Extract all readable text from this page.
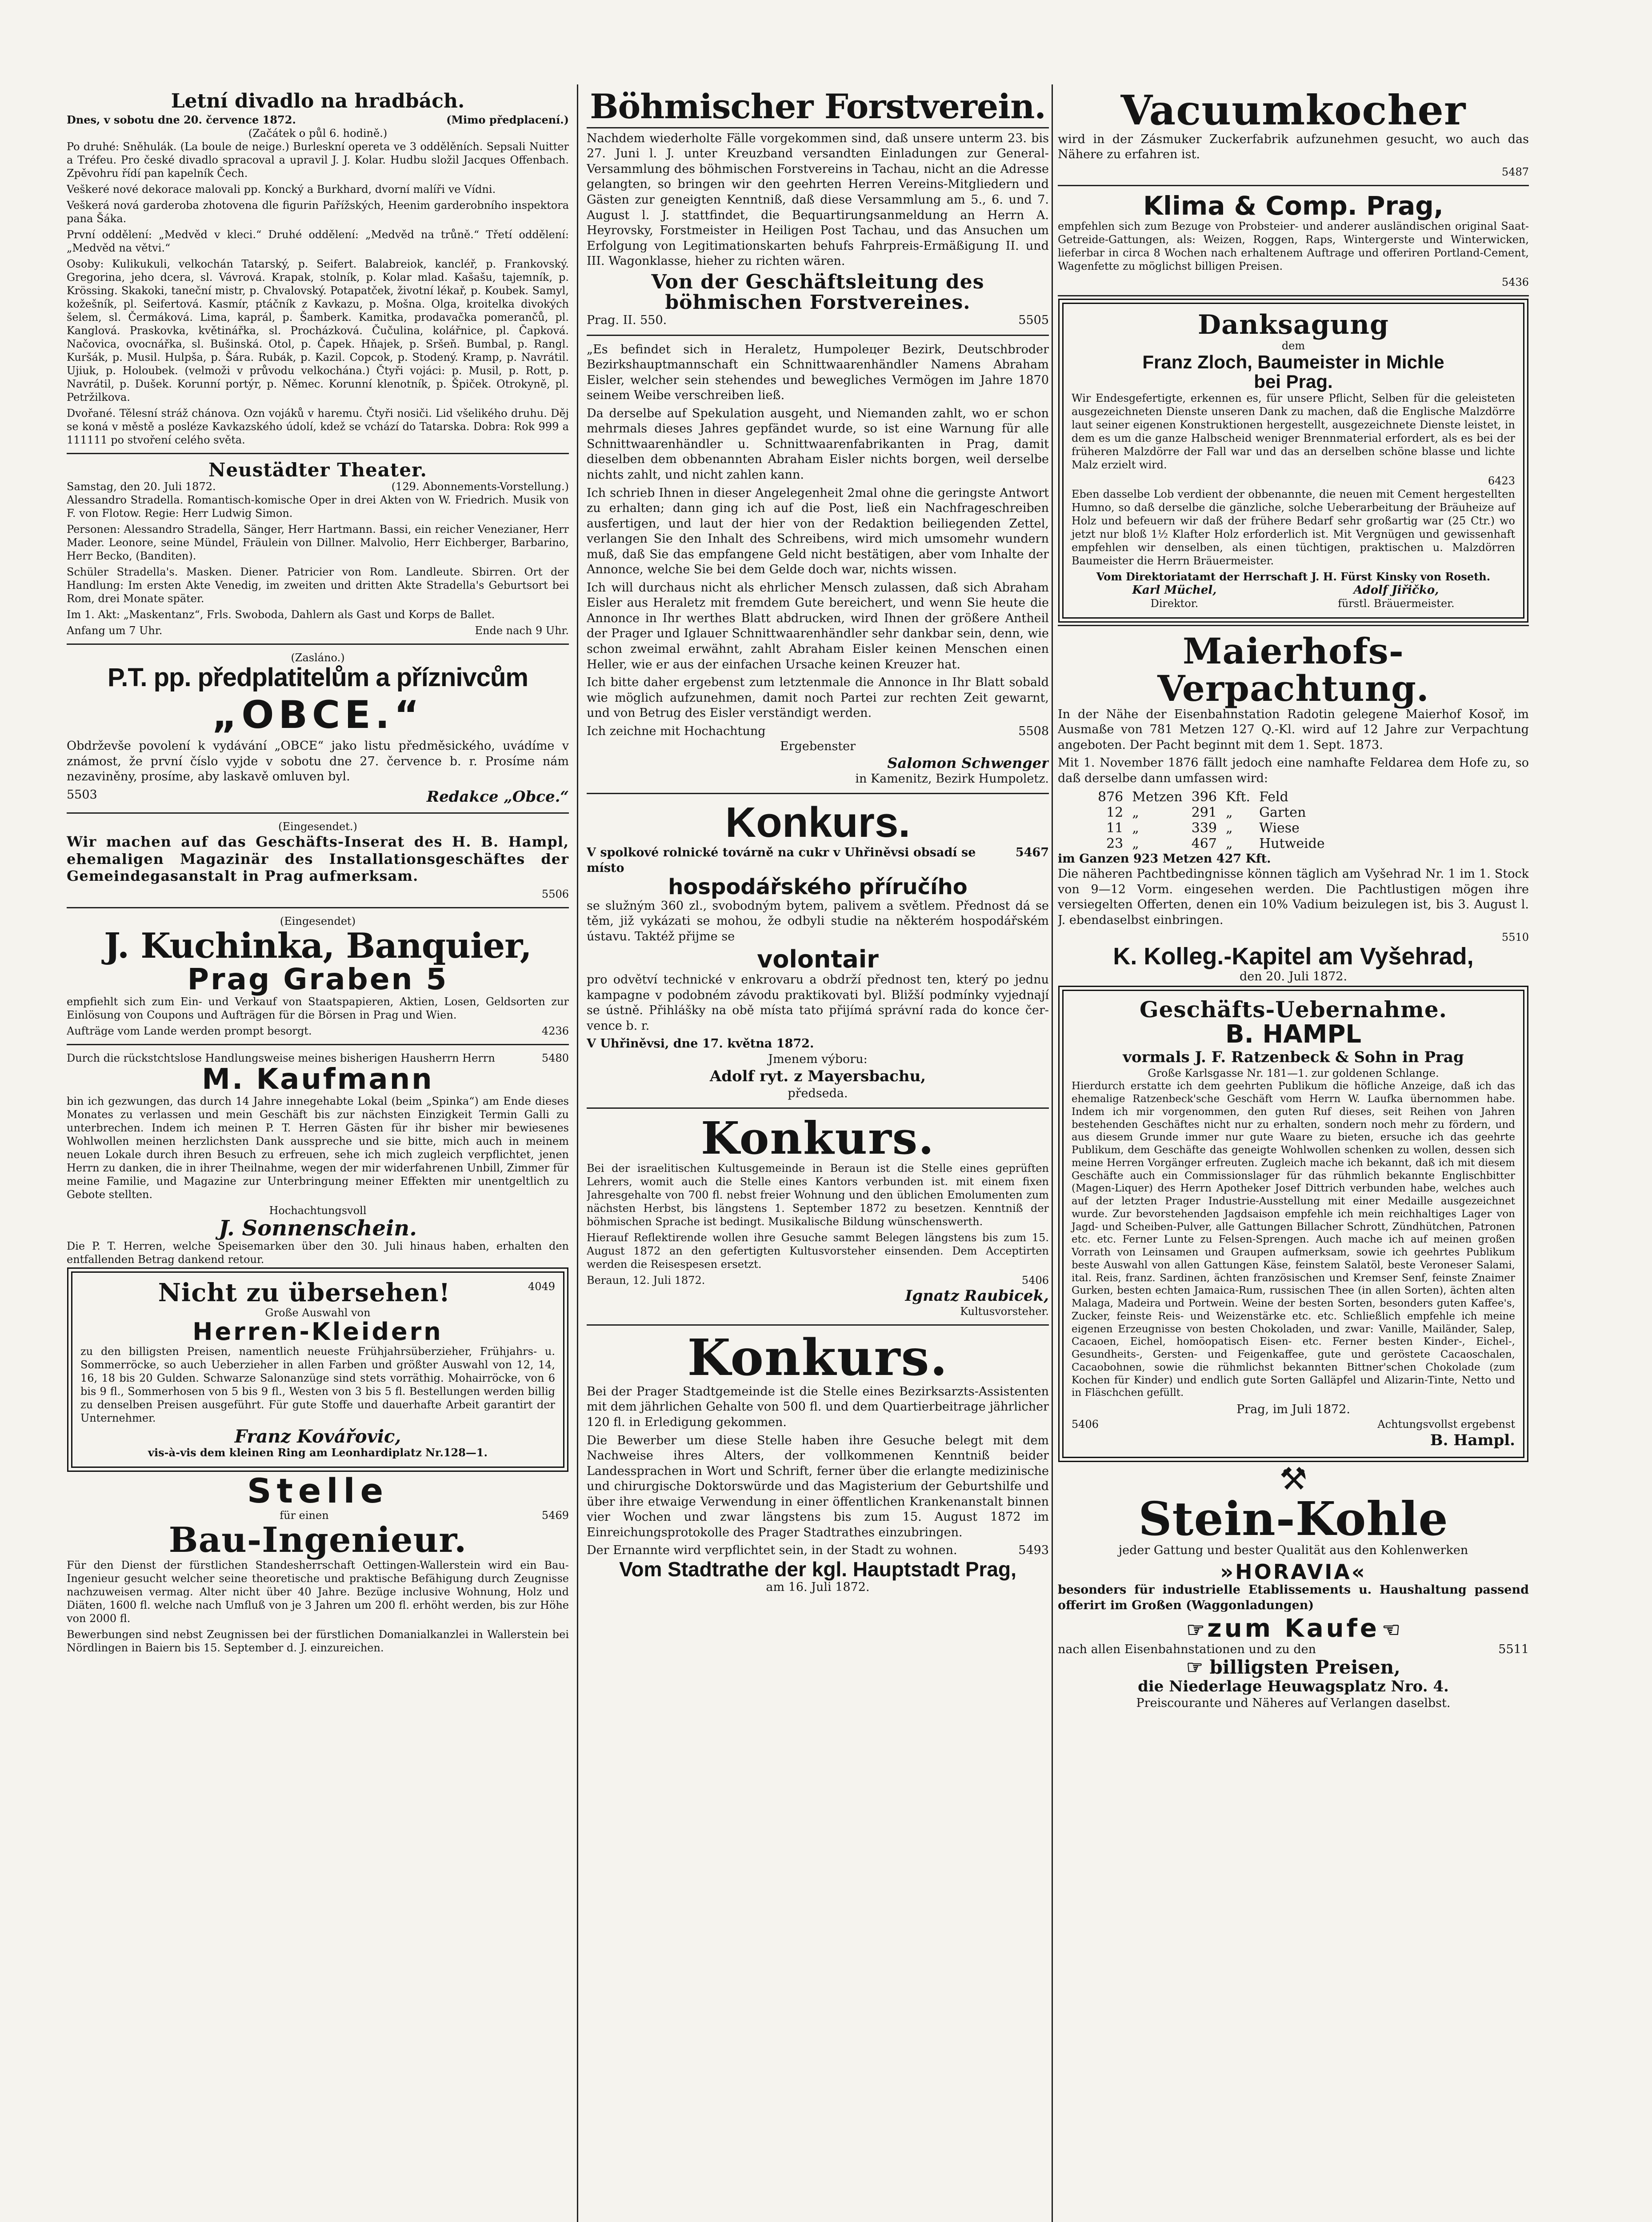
Letní divadlo na hradbách.
Dnes, v sobotu dne 20. července 1872.	(Mimo předplacení.)
(Začátek o půl 6. hodině.)

Po druhé: Sněhulák. (La boule de neige.) Burleskní opereta ve 3 oddělěních. Sepsali Nuitter a Tréfeu. Pro české divadlo spracoval a upravil J. J. Kolar. Hudbu složil Jacques Offenbach. Zpěvohru řídí pan kapelník Čech.

Veškeré nové dekorace malovali pp. Koncký a Burkhard, dvorní malíři ve Vídni.

Veškerá nová garderoba zhotovena dle figurin Pařížských, Heenim garderobního inspektora pana Šáka.

První oddělení: „Medvěd v kleci.“ Druhé oddělení: „Medvěd na trůně.“ Třetí oddělení: „Medvěd na větvi.“

Osoby: Kulikukuli, velkochán Tatarský, p. Seifert. Balabreiok, kancléř, p. Frankovský. Gregorina, jeho dcera, sl. Vávrová. Krapak, stolník, p. Kolar mlad. Kašašu, tajemník, p. Krössing. Skakoki, taneční mistr, p. Chvalovský. Potapatček, životní lékař, p. Koubek. Samyl, kožešník, pl. Seifertová. Kasmír, ptáčník z Kavkazu, p. Mošna. Olga, kroitelka divokých šelem, sl. Čermáková. Lima, kaprál, p. Šamberk. Kamitka, prodavačka pomerančů, pl. Kanglová. Praskovka, květinářka, sl. Procházková. Čučulina, kolářnice, pl. Čapková. Načovica, ovocnářka, sl. Bušinská. Otol, p. Čapek. Hňajek, p. Sršeň. Bumbal, p. Rangl. Kuršák, p. Musil. Hulpša, p. Šára. Rubák, p. Kazil. Copcok, p. Stodený. Kramp, p. Navrátil. Ujiuk, p. Holoubek. (velmoži v průvodu velkochána.) Čtyři vojáci: p. Musil, p. Rott, p. Navrátil, p. Dušek. Korunní portýr, p. Němec. Korunní klenotník, p. Špiček. Otrokyně, pl. Petržilkova.

Dvořané. Tělesní stráž chánova. Ozn vojáků v haremu. Čtyři nosiči. Lid všelikého druhu. Děj se koná v městě a posléze Kavkazského údolí, kdež se vchází do Tatarska. Dobra: Rok 999 a 111111 po stvoření celého světa.

Neustädter Theater.
Samstag, den 20. Juli 1872.	(129. Abonnements-Vorstellung.)

Alessandro Stradella. Romantisch-komische Oper in drei Akten von W. Friedrich. Musik von F. von Flotow. Regie: Herr Ludwig Simon.

Personen: Alessandro Stradella, Sänger, Herr Hartmann. Bassi, ein reicher Venezianer, Herr Mader. Leonore, seine Mündel, Fräulein von Dillner. Malvolio, Herr Eichberger, Barbarino, Herr Becko, (Banditen).

Schüler Stradella's. Masken. Diener. Patricier von Rom. Landleute. Sbirren. Ort der Handlung: Im ersten Akte Venedig, im zweiten und dritten Akte Stradella's Geburtsort bei Rom, drei Monate später.

Im 1. Akt: „Maskentanz“, Frls. Swoboda, Dahlern als Gast und Korps de Ballet.

Anfang um 7 Uhr.	Ende nach 9 Uhr.
(Zasláno.)
P.T. pp. předplatitelům a příznivcům
„OBCE.“

Obdrževše povolení k vydávání „OBCE“ jako listu předměsického, uvádíme v známost, že první číslo vyjde v sobotu dne 27. července b. r. Prosíme nám nezaviněny, prosíme, aby laskavě omluven byl.

5503	Redakce „Obce.“
(Eingesendet.)

Wir machen auf das Geschäfts-Inserat des H. B. Hampl, ehemaligen Magazinär des Installationsgeschäftes der Gemeindegasanstalt in Prag aufmerksam.

5506
(Eingesendet)
J. Kuchinka, Banquier,
Prag Graben 5

empfiehlt sich zum Ein- und Verkauf von Staatspapieren, Aktien, Losen, Geldsorten zur Einlösung von Coupons und Aufträgen für die Börsen in Prag und Wien.

Aufträge vom Lande werden prompt besorgt.	4236
Durch die rückstchtslose Handlungsweise meines bisherigen Hausherrn Herrn	5480
M. Kaufmann

bin ich gezwungen, das durch 14 Jahre innegehabte Lokal (beim „Spinka“) am Ende dieses Monates zu verlassen und mein Geschäft bis zur nächsten Einzigkeit Termin Galli zu unterbrechen. Indem ich meinen P. T. Herren Gästen für ihr bisher mir bewiesenes Wohlwollen meinen herzlichsten Dank ausspreche und sie bitte, mich auch in meinem neuen Lokale durch ihren Besuch zu erfreuen, sehe ich mich zugleich verpflichtet, jenen Herrn zu danken, die in ihrer Theilnahme, wegen der mir widerfahrenen Unbill, Zimmer für meine Familie, und Magazine zur Unterbringung meiner Effekten mir unentgeltlich zu Gebote stellten.

Hochachtungsvoll
J. Sonnenschein.

Die P. T. Herren, welche Speisemarken über den 30. Juli hinaus haben, erhalten den entfallenden Betrag dankend retour.

Nicht zu übersehen!	4049
Große Auswahl von
Herren-Kleidern

zu den billigsten Preisen, namentlich neueste Frühjahrsüberzieher, Frühjahrs- u. Sommerröcke, so auch Ueberzieher in allen Farben und größter Auswahl von 12, 14, 16, 18 bis 20 Gulden. Schwarze Salonanzüge sind stets vorräthig. Mohairröcke, von 6 bis 9 fl., Sommerhosen von 5 bis 9 fl., Westen von 3 bis 5 fl. Bestellungen werden billig zu denselben Preisen ausgeführt. Für gute Stoffe und dauerhafte Arbeit garantirt der Unternehmer.

Franz Kovářovic,
vis-à-vis dem kleinen Ring am Leonhardiplatz Nr.128—1.
Stelle
für einen	5469
Bau-Ingenieur.

Für den Dienst der fürstlichen Standesherrschaft Oettingen-Wallerstein wird ein Bau-Ingenieur gesucht welcher seine theoretische und praktische Befähigung durch Zeugnisse nachzuweisen vermag. Alter nicht über 40 Jahre. Bezüge inclusive Wohnung, Holz und Diäten, 1600 fl. welche nach Umfluß von je 3 Jahren um 200 fl. erhöht werden, bis zur Höhe von 2000 fl.

Bewerbungen sind nebst Zeugnissen bei der fürstlichen Domanialkanzlei in Wallerstein bei Nördlingen in Baiern bis 15. September d. J. einzureichen.

Böhmischer Forstverein.

Nachdem wiederholte Fälle vorgekommen sind, daß unsere unterm 23. bis 27. Juni l. J. unter Kreuzband versandten Einladungen zur General-Versammlung des böhmischen Forstvereins in Tachau, nicht an die Adresse gelangten, so bringen wir den geehrten Herren Vereins-Mitgliedern und Gästen zur geneigten Kenntniß, daß diese Versammlung am 5., 6. und 7. August l. J. stattfindet, die Bequartirungsanmeldung an Herrn A. Heyrovsky, Forstmeister in Heiligen Post Tachau, und das Ansuchen um Erfolgung von Legitimationskarten behufs Fahrpreis-Ermäßigung II. und III. Wagonklasse, hieher zu richten wären.

Von der Geschäftsleitung des böhmischen Forstvereines.
Prag. II. 550.	5505

„Es befindet sich in Heraletz, Humpoleцer Bezirk, Deutschbroder Bezirkshauptmannschaft ein Schnittwaarenhändler Namens Abraham Eisler, welcher sein stehendes und bewegliches Vermögen im Jahre 1870 seinem Weibe verschreiben ließ.

Da derselbe auf Spekulation ausgeht, und Niemanden zahlt, wo er schon mehrmals dieses Jahres gepfändet wurde, so ist eine Warnung für alle Schnittwaarenhändler u. Schnittwaarenfabrikanten in Prag, damit dieselben dem obbenannten Abraham Eisler nichts borgen, weil derselbe nichts zahlt, und nicht zahlen kann.

Ich schrieb Ihnen in dieser Angelegenheit 2mal ohne die geringste Antwort zu erhalten; dann ging ich auf die Post, ließ ein Nachfrageschreiben ausfertigen, und laut der hier von der Redaktion beiliegenden Zettel, verlangen Sie den Inhalt des Schreibens, wird mich umsomehr wundern muß, daß Sie das empfangene Geld nicht bestätigen, aber vom Inhalte der Annonce, welche Sie bei dem Gelde doch war, nichts wissen.

Ich will durchaus nicht als ehrlicher Mensch zulassen, daß sich Abraham Eisler aus Heraletz mit fremdem Gute bereichert, und wenn Sie heute die Annonce in Ihr werthes Blatt abdrucken, wird Ihnen der größere Antheil der Prager und Iglauer Schnittwaarenhändler sehr dankbar sein, denn, wie schon zweimal erwähnt, zahlt Abraham Eisler keinen Menschen einen Heller, wie er aus der einfachen Ursache keinen Kreuzer hat.

Ich bitte daher ergebenst zum letztenmale die Annonce in Ihr Blatt sobald wie möglich aufzunehmen, damit noch Partei zur rechten Zeit gewarnt, und von Betrug des Eisler verständigt werden.

Ich zeichne mit Hochachtung	5508
Ergebenster
Salomon Schwenger
in Kamenitz, Bezirk Humpoletz.
Konkurs.
V spolkové rolnické továrně na cukr v Uhřiněvsi obsadí se místo
5467
hospodářského příručího

se služným 360 zl., svobodným bytem, palivem a světlem. Přednost dá se těm, již vykázati se mohou, že odbyli studie na některém hospodářském ústavu. Taktéž přijme se

volontair

pro odvětví technické v enkrovaru a obdrží přednost ten, který po jednu kampagne v podobném závodu praktikovati byl. Bližší podmínky vyjednají se ústně. Přihlášky na obě místa tato přijímá správní rada do konce čer- vence b. r.

V Uhřiněvsi, dne 17. května 1872.
Jmenem výboru:
Adolf ryt. z Mayersbachu,
předseda.
Konkurs.

Bei der israelitischen Kultusgemeinde in Beraun ist die Stelle eines geprüften Lehrers, womit auch die Stelle eines Kantors verbunden ist. mit einem fixen Jahresgehalte von 700 fl. nebst freier Wohnung und den üblichen Emolumenten zum nächsten Herbst, bis längstens 1. September 1872 zu besetzen. Kenntniß der böhmischen Sprache ist bedingt. Musikalische Bildung wünschenswerth.

Hierauf Reflektirende wollen ihre Gesuche sammt Belegen längstens bis zum 15. August 1872 an den gefertigten Kultusvorsteher einsenden. Dem Acceptirten werden die Reisespesen ersetzt.

Beraun, 12. Juli 1872.	5406
Ignatz Raubicek,
Kultusvorsteher.
Konkurs.

Bei der Prager Stadtgemeinde ist die Stelle eines Bezirksarzts-Assistenten mit dem jährlichen Gehalte von 500 fl. und dem Quartierbeitrage jährlicher 120 fl. in Erledigung gekommen.

Die Bewerber um diese Stelle haben ihre Gesuche belegt mit dem Nachweise ihres Alters, der vollkommenen Kenntniß beider Landessprachen in Wort und Schrift, ferner über die erlangte medizinische und chirurgische Doktorswürde und das Magisterium der Geburtshilfe und über ihre etwaige Verwendung in einer öffentlichen Krankenanstalt binnen vier Wochen und zwar längstens bis zum 15. August 1872 im Einreichungsprotokolle des Prager Stadtrathes einzubringen.

Der Ernannte wird verpflichtet sein, in der Stadt zu wohnen.	5493
Vom Stadtrathe der kgl. Hauptstadt Prag,
am 16. Juli 1872.
Vacuumkocher

wird in der Zásmuker Zuckerfabrik aufzunehmen gesucht, wo auch das Nähere zu erfahren ist.

5487
Klima & Comp. Prag,

empfehlen sich zum Bezuge von Probsteier- und anderer ausländischen original Saat-Getreide-Gattungen, als: Weizen, Roggen, Raps, Wintergerste und Winterwicken, lieferbar in circa 8 Wochen nach erhaltenem Auftrage und offeriren Portland-Cement, Wagenfette zu möglichst billigen Preisen.

5436
Danksagung
dem
Franz Zloch, Baumeister in Michle
bei Prag.

Wir Endesgefertigte, erkennen es, für unsere Pflicht, Selben für die geleisteten ausgezeichneten Dienste unseren Dank zu machen, daß die Englische Malzdörre laut seiner eigenen Konstruktionen hergestellt, ausgezeichnete Dienste leistet, in dem es um die ganze Halbscheid weniger Brennmaterial erfordert, als es bei der früheren Malzdörre der Fall war und das an derselben schöne blasse und lichte Malz erzielt wird.

6423

Eben dasselbe Lob verdient der obbenannte, die neuen mit Cement hergestellten Humno, so daß derselbe die gänzliche, solche Ueberarbeitung der Bräuheize auf Holz und befeuern wir daß der frühere Bedarf sehr großartig war (25 Ctr.) wo jetzt nur bloß 1½ Klafter Holz erforderlich ist. Mit Vergnügen und gewissenhaft empfehlen wir denselben, als einen tüchtigen, praktischen u. Malzdörren Baumeister die Herrn Bräuermeister.

Vom Direktoriatamt der Herrschaft J. H. Fürst Kinsky von Roseth.
Karl Müchel,
Direktor.
Adolf Jiřičko,
fürstl. Bräuermeister.
Maierhofs-Verpachtung.

In der Nähe der Eisenbahnstation Radotin gelegene Maierhof Kosoř, im Ausmaße von 781 Metzen 127 Q.-Kl. wird auf 12 Jahre zur Verpachtung angeboten. Der Pacht beginnt mit dem 1. Sept. 1873.

Mit 1. November 1876 fällt jedoch eine namhafte Feldarea dem Hofe zu, so daß derselbe dann umfassen wird:

876	Metzen	396	Kft.	Feld
12	„	291	„	Garten
11	„	339	„	Wiese
23	„	467	„	Hutweide
im Ganzen 923 Metzen 427 Kft.

Die näheren Pachtbedingnisse können täglich am Vyšehrad Nr. 1 im 1. Stock von 9—12 Vorm. eingesehen werden. Die Pachtlustigen mögen ihre versiegelten Offerten, denen ein 10% Vadium beizulegen ist, bis 3. August l. J. ebendaselbst einbringen.

5510
K. Kolleg.-Kapitel am Vyšehrad,
den 20. Juli 1872.
Geschäfts-Uebernahme.
B. HAMPL
vormals J. F. Ratzenbeck & Sohn in Prag
Große Karlsgasse Nr. 181—1. zur goldenen Schlange.

Hierdurch erstatte ich dem geehrten Publikum die höfliche Anzeige, daß ich das ehemalige Ratzenbeck'sche Geschäft vom Herrn W. Laufka übernommen habe. Indem ich mir vorgenommen, den guten Ruf dieses, seit Reihen von Jahren bestehenden Geschäftes nicht nur zu erhalten, sondern noch mehr zu fördern, und aus diesem Grunde immer nur gute Waare zu bieten, ersuche ich das geehrte Publikum, dem Geschäfte das geneigte Wohlwollen schenken zu wollen, dessen sich meine Herren Vorgänger erfreuten. Zugleich mache ich bekannt, daß ich mit diesem Geschäfte auch ein Commissionslager für das rühmlich bekannte Englischbitter (Magen-Liquer) des Herrn Apotheker Josef Dittrich verbunden habe, welches auch auf der letzten Prager Industrie-Ausstellung mit einer Medaille ausgezeichnet wurde. Zur bevorstehenden Jagdsaison empfehle ich mein reichhaltiges Lager von Jagd- und Scheiben-Pulver, alle Gattungen Billacher Schrott, Zündhütchen, Patronen etc. etc. Ferner Lunte zu Felsen-Sprengen. Auch mache ich auf meinen großen Vorrath von Leinsamen und Graupen aufmerksam, sowie ich geehrtes Publikum beste Auswahl von allen Gattungen Käse, feinstem Salatöl, beste Veroneser Salami, ital. Reis, franz. Sardinen, ächten französischen und Kremser Senf, feinste Znaimer Gurken, besten echten Jamaica-Rum, russischen Thee (in allen Sorten), ächten alten Malaga, Madeira und Portwein. Weine der besten Sorten, besonders guten Kaffee's, Zucker, feinste Reis- und Weizenstärke etc. etc. Schließlich empfehle ich meine eigenen Erzeugnisse von besten Chokoladen, und zwar: Vanille, Mailänder, Salep, Cacaoen, Eichel, homöopatisch Eisen- etc. Ferner besten Kinder-, Eichel-, Gesundheits-, Gersten- und Feigenkaffee, gute und geröstete Cacaoschalen, Cacaobohnen, sowie die rühmlichst bekannten Bittner'schen Chokolade (zum Kochen für Kinder) und endlich gute Sorten Galläpfel und Alizarin-Tinte, Netto und in Fläschchen gefüllt.

Prag, im Juli 1872.
5406	Achtungsvollst ergebenst
B. Hampl.
⚒
Stein-Kohle

jeder Gattung und bester Qualität aus den Kohlenwerken

»HORAVIA«

besonders für industrielle Etablissements u. Haushaltung passend offerirt im Großen (Waggonladungen)

☞ zum Kaufe ☜
nach allen Eisenbahnstationen und zu den	5511
☞ billigsten Preisen,
die Niederlage Heuwagsplatz Nro. 4.
Preiscourante und Näheres auf Verlangen daselbst.
